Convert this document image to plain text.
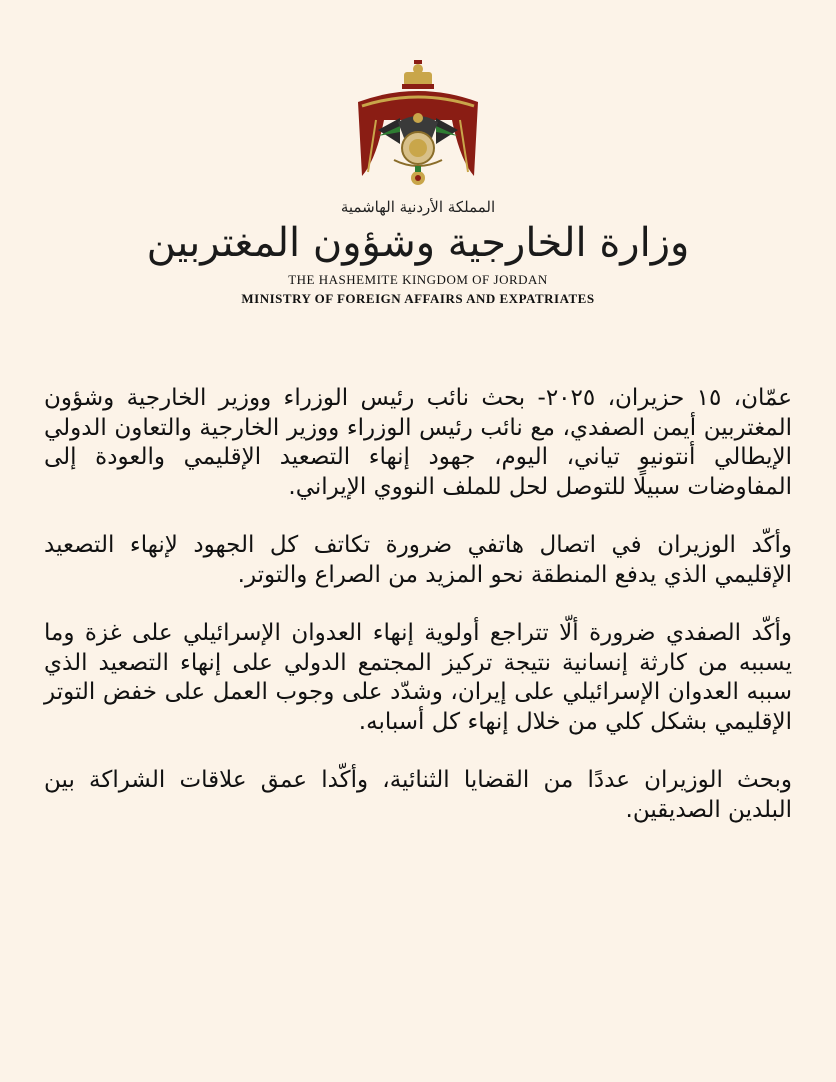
المملكة الأردنية الهاشمية
وزارة الخارجية وشؤون المغتربين
THE HASHEMITE KINGDOM OF JORDAN
MINISTRY OF FOREIGN AFFAIRS AND EXPATRIATES

عمّان، ١٥ حزيران، ٢٠٢٥- بحث نائب رئيس الوزراء ووزير الخارجية وشؤون المغتربين أيمن الصفدي، مع نائب رئيس الوزراء ووزير الخارجية والتعاون الدولي الإيطالي أنتونيو تياني، اليوم، جهود إنهاء التصعيد الإقليمي والعودة إلى المفاوضات سبيلًا للتوصل لحل للملف النووي الإيراني.

وأكّد الوزيران في اتصال هاتفي ضرورة تكاتف كل الجهود لإنهاء التصعيد الإقليمي الذي يدفع المنطقة نحو المزيد من الصراع والتوتر.

وأكّد الصفدي ضرورة ألّا تتراجع أولوية إنهاء العدوان الإسرائيلي على غزة وما يسببه من كارثة إنسانية نتيجة تركيز المجتمع الدولي على إنهاء التصعيد الذي سببه العدوان الإسرائيلي على إيران، وشدّد على وجوب العمل على خفض التوتر الإقليمي بشكل كلي من خلال إنهاء كل أسبابه.

وبحث الوزيران عددًا من القضايا الثنائية، وأكّدا عمق علاقات الشراكة بين البلدين الصديقين.
